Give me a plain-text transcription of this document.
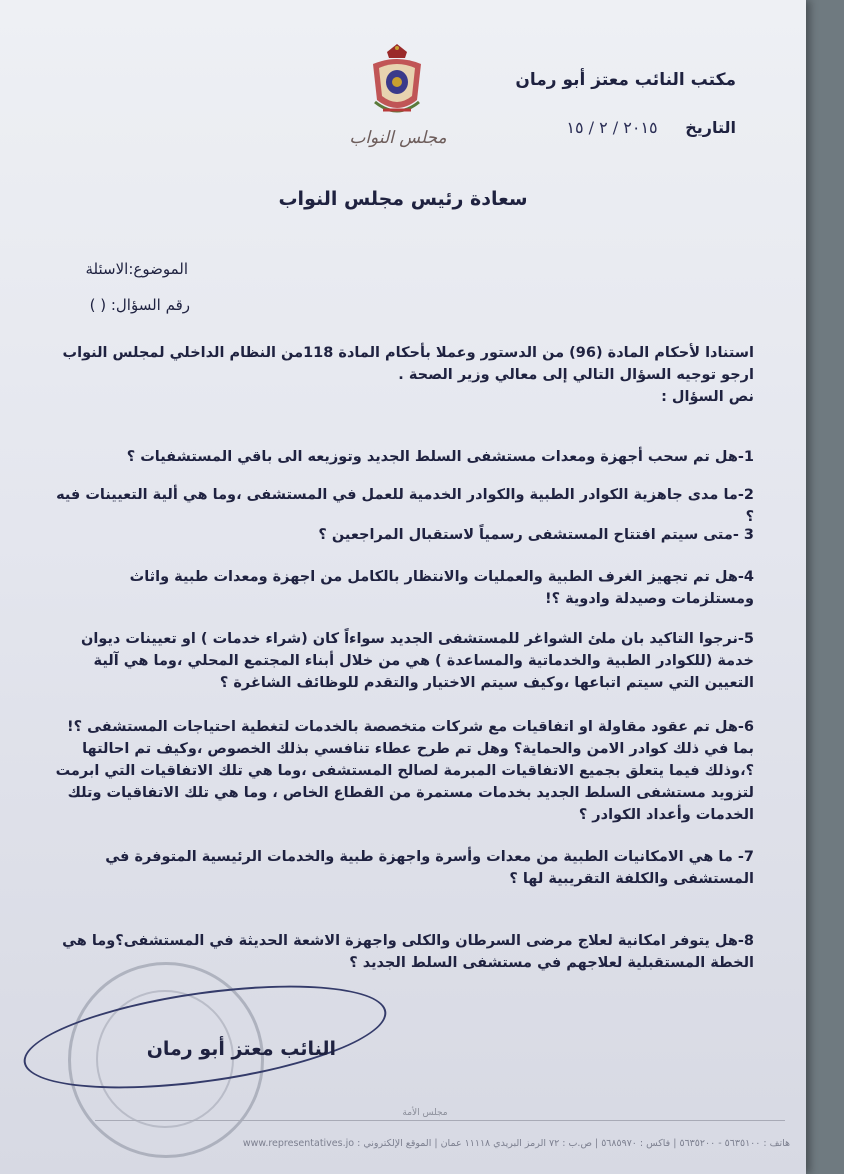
مجلس النواب
مكتب النائب معتز أبو رمان
التاريخ ٢٠١٥ / ٢ / ١٥
سعادة رئيس مجلس النواب
الموضوع:الاسئلة
رقم السؤال: ( )
استنادا لأحكام المادة (96) من الدستور وعملا بأحكام المادة 118من النظام الداخلي لمجلس النواب
ارجو توجيه السؤال التالي إلى معالي وزير الصحة .
نص السؤال :

1-هل تم سحب أجهزة ومعدات مستشفى السلط الجديد وتوزيعه الى باقي المستشفيات ؟

2-ما مدى جاهزية الكوادر الطبية والكوادر الخدمية للعمل في المستشفى ،وما هي ألية التعيينات فيه ؟

3 -متى سيتم افتتاح المستشفى رسمياً لاستقبال المراجعين ؟

4-هل تم تجهيز الغرف الطبية والعمليات والانتظار بالكامل من اجهزة ومعدات طبية واثاث ومستلزمات وصيدلة وادوية ؟!

5-نرجوا التاكيد بان ملئ الشواغر للمستشفى الجديد سواءاً كان (شراء خدمات ) او تعيينات ديوان خدمة (للكوادر الطبية والخدماتية والمساعدة ) هي من خلال أبناء المجتمع المحلي ،وما هي آلية التعيين التي سيتم اتباعها ،وكيف سيتم الاختيار والتقدم للوظائف الشاغرة ؟

6-هل تم عقود مقاولة او اتفاقيات مع شركات متخصصة بالخدمات لتغطية احتياجات المستشفى ؟! بما في ذلك كوادر الامن والحماية؟ وهل تم طرح عطاء تنافسي بذلك الخصوص ،وكيف تم احالتها ؟،وذلك فيما يتعلق بجميع الاتفاقيات المبرمة لصالح المستشفى ،وما هي تلك الاتفاقيات التي ابرمت لتزويد مستشفى السلط الجديد بخدمات مستمرة من القطاع الخاص ، وما هي تلك الاتفاقيات وتلك الخدمات وأعداد الكوادر ؟

7- ما هي الامكانيات الطبية من معدات وأسرة واجهزة طبية والخدمات الرئيسية المتوفرة في المستشفى والكلفة التقريبية لها ؟

8-هل يتوفر امكانية لعلاج مرضى السرطان والكلى واجهزة الاشعة الحديثة في المستشفى؟وما هي الخطة المستقبلية لعلاجهم في مستشفى السلط الجديد ؟

النائب معتز أبو رمان
مجلس الأمة
هاتف : ٥٦٣٥١٠٠ - ٥٦٣٥٢٠٠ | فاكس : ٥٦٨٥٩٧٠ | ص.ب : ٧٢ الرمز البريدي ١١١١٨ عمان | الموقع الإلكتروني : www.representatives.jo
